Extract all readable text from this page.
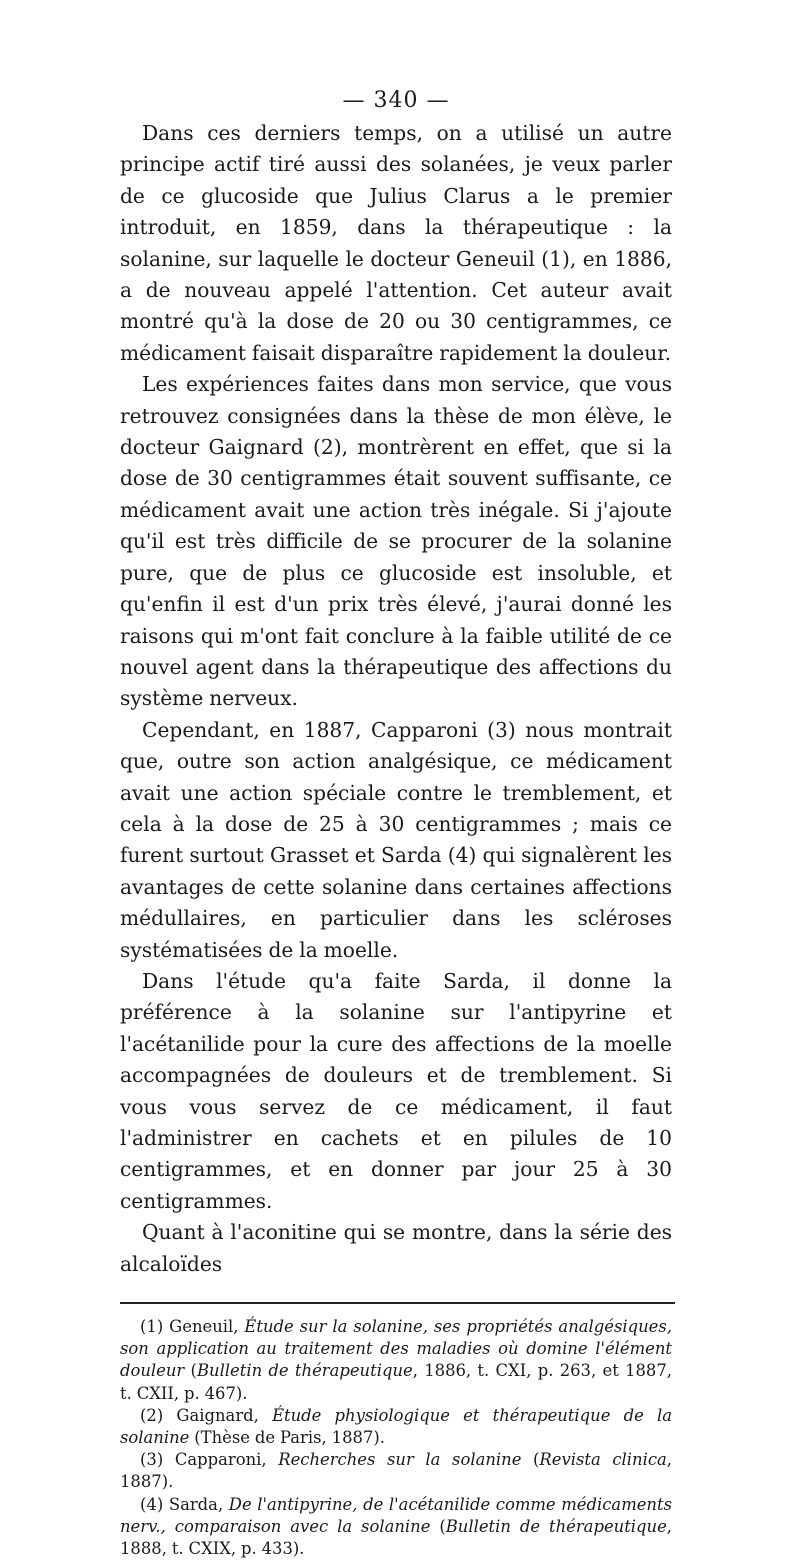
— 340 —

Dans ces derniers temps, on a utilisé un autre principe actif tiré aussi des solanées, je veux parler de ce glucoside que Julius Clarus a le premier introduit, en 1859, dans la thérapeutique : la solanine, sur laquelle le docteur Geneuil (1), en 1886, a de nouveau appelé l'attention. Cet auteur avait montré qu'à la dose de 20 ou 30 centigrammes, ce médicament faisait disparaître rapidement la douleur.

Les expériences faites dans mon service, que vous retrouvez consignées dans la thèse de mon élève, le docteur Gaignard (2), montrèrent en effet, que si la dose de 30 centigrammes était souvent suffisante, ce médicament avait une action très inégale. Si j'ajoute qu'il est très difficile de se procurer de la solanine pure, que de plus ce glucoside est insoluble, et qu'enfin il est d'un prix très élevé, j'aurai donné les raisons qui m'ont fait conclure à la faible utilité de ce nouvel agent dans la thérapeutique des affections du système nerveux.

Cependant, en 1887, Capparoni (3) nous montrait que, outre son action analgésique, ce médicament avait une action spéciale contre le tremblement, et cela à la dose de 25 à 30 centigrammes ; mais ce furent surtout Grasset et Sarda (4) qui signalèrent les avantages de cette solanine dans certaines affections médullaires, en particulier dans les scléroses systématisées de la moelle.

Dans l'étude qu'a faite Sarda, il donne la préférence à la solanine sur l'antipyrine et l'acétanilide pour la cure des affections de la moelle accompagnées de douleurs et de tremblement. Si vous vous servez de ce médicament, il faut l'administrer en cachets et en pilules de 10 centigrammes, et en donner par jour 25 à 30 centigrammes.

Quant à l'aconitine qui se montre, dans la série des alcaloïdes

(1) Geneuil, Étude sur la solanine, ses propriétés analgésiques, son application au traitement des maladies où domine l'élément douleur (Bulletin de thérapeutique, 1886, t. CXI, p. 263, et 1887, t. CXII, p. 467).

(2) Gaignard, Étude physiologique et thérapeutique de la solanine (Thèse de Paris, 1887).

(3) Capparoni, Recherches sur la solanine (Revista clinica, 1887).

(4) Sarda, De l'antipyrine, de l'acétanilide comme médicaments nerv., comparaison avec la solanine (Bulletin de thérapeutique, 1888, t. CXIX, p. 433).
